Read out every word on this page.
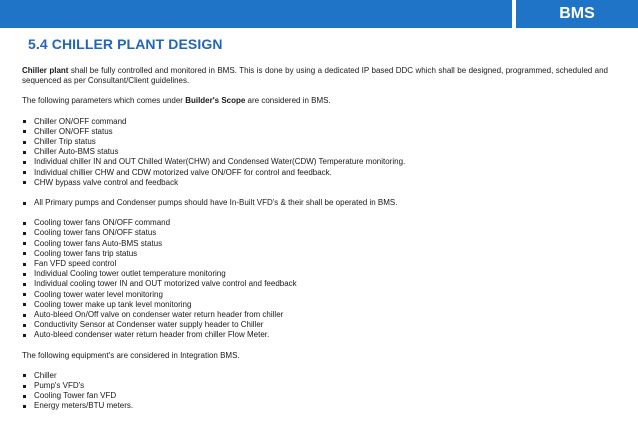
BMS
5.4 CHILLER PLANT DESIGN

Chiller plant shall be fully controlled and monitored in BMS. This is done by using a dedicated IP based DDC which shall be designed, programmed, scheduled and sequenced as per Consultant/Client guidelines.

The following parameters which comes under Builder's Scope are considered in BMS.

Chiller ON/OFF command
Chiller ON/OFF status
Chiller Trip status
Chiller Auto-BMS status
Individual chiller IN and OUT Chilled Water(CHW) and Condensed Water(CDW) Temperature monitoring.
Individual chillier CHW and CDW motorized valve ON/OFF for control and feedback.
CHW bypass valve control and feedback
All Primary pumps and Condenser pumps should have In-Built VFD's & their shall be operated in BMS.
Cooling tower fans ON/OFF command
Cooling tower fans ON/OFF status
Cooling tower fans Auto-BMS status
Cooling tower fans trip status
Fan VFD speed control
Individual Cooling tower outlet temperature monitoring
Individual cooling tower IN and OUT motorized valve control and feedback
Cooling tower water level monitoring
Cooling tower make up tank level monitoring
Auto-bleed On/Off valve on condenser water return header from chiller
Conductivity Sensor at Condenser water supply header to Chiller
Auto-bleed condenser water return header from chiller Flow Meter.

The following equipment's are considered in Integration BMS.

Chiller
Pump's VFD's
Cooling Tower fan VFD
Energy meters/BTU meters.
